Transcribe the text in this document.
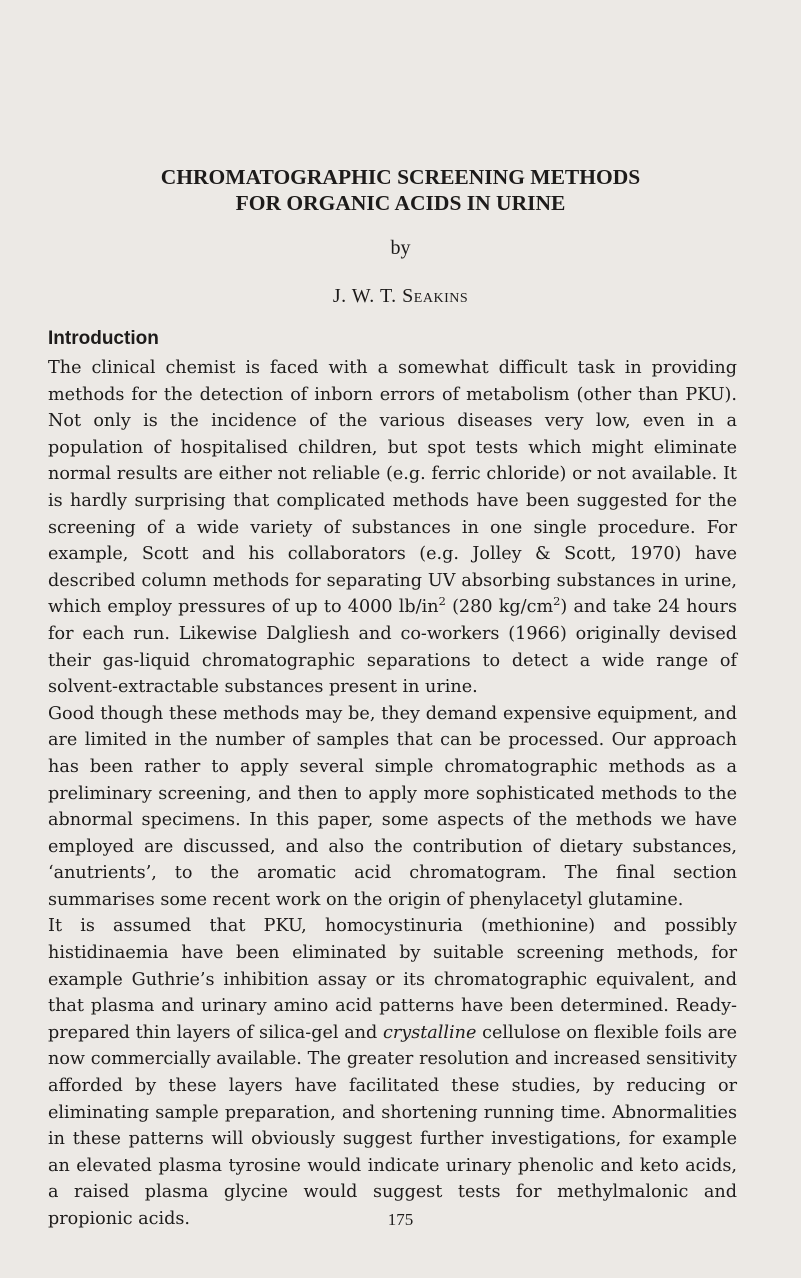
CHROMATOGRAPHIC SCREENING METHODS
FOR ORGANIC ACIDS IN URINE
by
J. W. T. Seakins
Introduction

The clinical chemist is faced with a somewhat difficult task in providing methods for the detection of inborn errors of metabolism (other than PKU). Not only is the incidence of the various diseases very low, even in a population of hospitalised children, but spot tests which might eliminate normal results are either not reliable (e.g. ferric chloride) or not available. It is hardly surprising that complicated methods have been suggested for the screening of a wide variety of substances in one single procedure. For example, Scott and his collaborators (e.g. Jolley & Scott, 1970) have described column methods for separating UV absorbing substances in urine, which employ pressures of up to 4000 $lb/in^2$ (280 $kg/cm^2$) and take 24 hours for each run. Likewise Dalgliesh and co-workers (1966) originally devised their gas-liquid chromatographic separations to detect a wide range of solvent-extractable substances present in urine.

Good though these methods may be, they demand expensive equipment, and are limited in the number of samples that can be processed. Our approach has been rather to apply several simple chromatographic methods as a preliminary screening, and then to apply more sophisticated methods to the abnormal specimens. In this paper, some aspects of the methods we have employed are discussed, and also the contribution of dietary substances, ‘anutrients’, to the aromatic acid chromatogram. The final section summarises some recent work on the origin of phenylacetyl glutamine.

It is assumed that PKU, homocystinuria (methionine) and possibly histidinaemia have been eliminated by suitable screening methods, for example Guthrie’s inhibition assay or its chromatographic equivalent, and that plasma and urinary amino acid patterns have been determined. Ready-prepared thin layers of silica-gel and crystalline cellulose on flexible foils are now commercially available. The greater resolution and increased sensitivity afforded by these layers have facilitated these studies, by reducing or eliminating sample preparation, and shortening running time. Abnormalities in these patterns will obviously suggest further investigations, for example an elevated plasma tyrosine would indicate urinary phenolic and keto acids, a raised plasma glycine would suggest tests for methylmalonic and propionic acids.	175
